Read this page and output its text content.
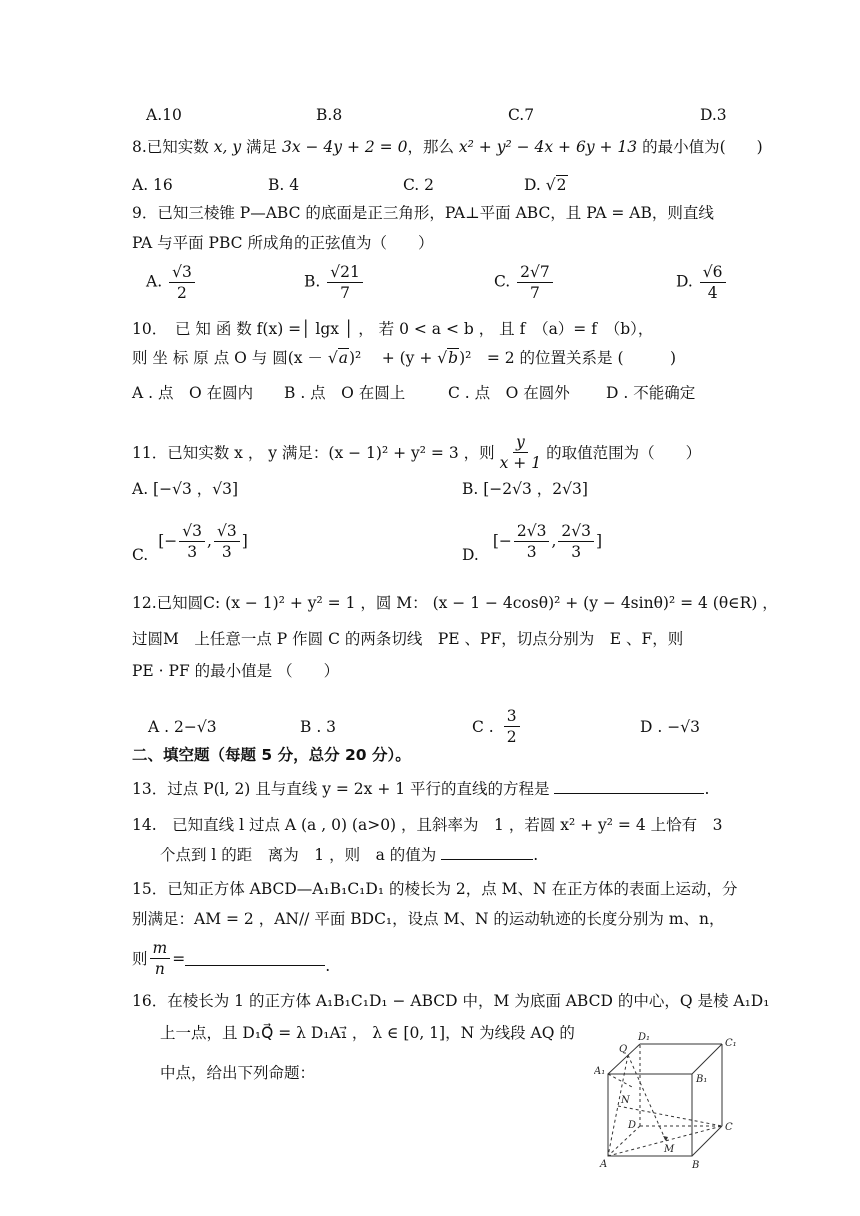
A.10	B.8	C.7	D.3
8.已知实数 x, y 满足 3x − 4y + 2 = 0，那么 x² + y² − 4x + 6y + 13 的最小值为(　　)
A. 16	B. 4	C. 2	D. √2
9．已知三棱锥 P—ABC 的底面是正三角形，PA⊥平面 ABC，且 PA = AB，则直线
PA 与平面 PBC 所成角的正弦值为（　　）
A. $\frac{√3}{2}$	B. $\frac{√21}{7}$	C. $\frac{2√7}{7}$	D. $\frac{√6}{4}$
10．　已 知 函 数 f(x) =│ lgx │ ， 若 0 < a < b ， 且 f　（a）= f　（b），
则 坐 标 原 点 O 与 圆(x － √a)² 　+ (y + √b)²　= 2 的位置关系是 (　　　)
A . 点　O 在圆内 B . 点　O 在圆上	C . 点　O 在圆外 D . 不能确定
11．已知实数 x ， y 满足：(x − 1)² + y² = 3 ，则 $\frac{y}{x + 1}$ 的取值范围为（　　）
A. [−√3 ，√3]	B. [−2√3 ，2√3]
C.
[− $\frac{√3}{3}$ , $\frac{√3}{3}$ ]
D.
[− $\frac{2√3}{3}$ , $\frac{2√3}{3}$ ]
12.已知圆C: (x − 1)² + y² = 1 ，圆 M： (x − 1 − 4cosθ)² + (y − 4sinθ)² = 4 (θ∈R) ，
过圆M　上任意一点 P 作圆 C 的两条切线　PE 、PF，切点分别为　E 、F，则
PE · PF 的最小值是 （　　）
A . 2−√3	B . 3	C . $\frac{3}{2}$	D . −√3
二、填空题（每题 5 分，总分 20 分）。
13．过点 P(l, 2) 且与直线 y = 2x + 1 平行的直线的方程是	.
14.　已知直线 l 过点 A (a , 0) (a>0) ，且斜率为　1 ，若圆 x² + y² = 4 上恰有　3
个点到 l 的距　离为　1 ，则　a 的值为	.
15．已知正方体 ABCD—A₁B₁C₁D₁ 的棱长为 2，点 M、N 在正方体的表面上运动，分
别满足：AM = 2 ，AN// 平面 BDC₁，设点 M、N 的运动轨迹的长度分别为 m、n，
则 $\frac{m}{n}$ =	.
16．在棱长为 1 的正方体 A₁B₁C₁D₁ − ABCD 中，M 为底面 ABCD 的中心，Q 是棱 A₁D₁
上一点，且 D₁Q⃗ = λ D₁A₁⃗ ， λ ∈ [0, 1]，N 为线段 AQ 的
中点，给出下列命题：
D₁
C₁
A₁
B₁
Q
N
D	C
A	B
M
